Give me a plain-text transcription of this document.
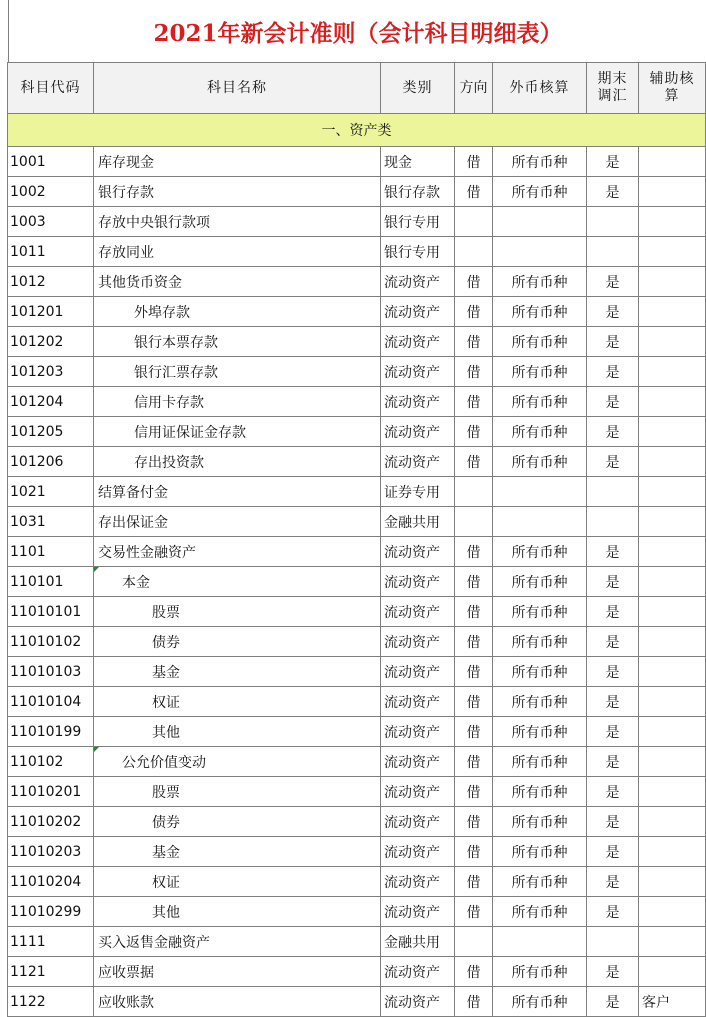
2021年新会计准则（会计科目明细表）
科目代码	科目名称	类别	方向	外币核算	期末调汇	辅助核算
一、资产类						
1001	库存现金	现金	借	所有币种	是	
1002	银行存款	银行存款	借	所有币种	是	
1003	存放中央银行款项	银行专用				
1011	存放同业	银行专用				
1012	其他货币资金	流动资产	借	所有币种	是	
101201	外埠存款	流动资产	借	所有币种	是	
101202	银行本票存款	流动资产	借	所有币种	是	
101203	银行汇票存款	流动资产	借	所有币种	是	
101204	信用卡存款	流动资产	借	所有币种	是	
101205	信用证保证金存款	流动资产	借	所有币种	是	
101206	存出投资款	流动资产	借	所有币种	是	
1021	结算备付金	证券专用				
1031	存出保证金	金融共用				
1101	交易性金融资产	流动资产	借	所有币种	是	
110101	本金	流动资产	借	所有币种	是	
11010101	股票	流动资产	借	所有币种	是	
11010102	债券	流动资产	借	所有币种	是	
11010103	基金	流动资产	借	所有币种	是	
11010104	权证	流动资产	借	所有币种	是	
11010199	其他	流动资产	借	所有币种	是	
110102	公允价值变动	流动资产	借	所有币种	是	
11010201	股票	流动资产	借	所有币种	是	
11010202	债券	流动资产	借	所有币种	是	
11010203	基金	流动资产	借	所有币种	是	
11010204	权证	流动资产	借	所有币种	是	
11010299	其他	流动资产	借	所有币种	是	
1111	买入返售金融资产	金融共用				
1121	应收票据	流动资产	借	所有币种	是	
1122	应收账款	流动资产	借	所有币种	是	客户
